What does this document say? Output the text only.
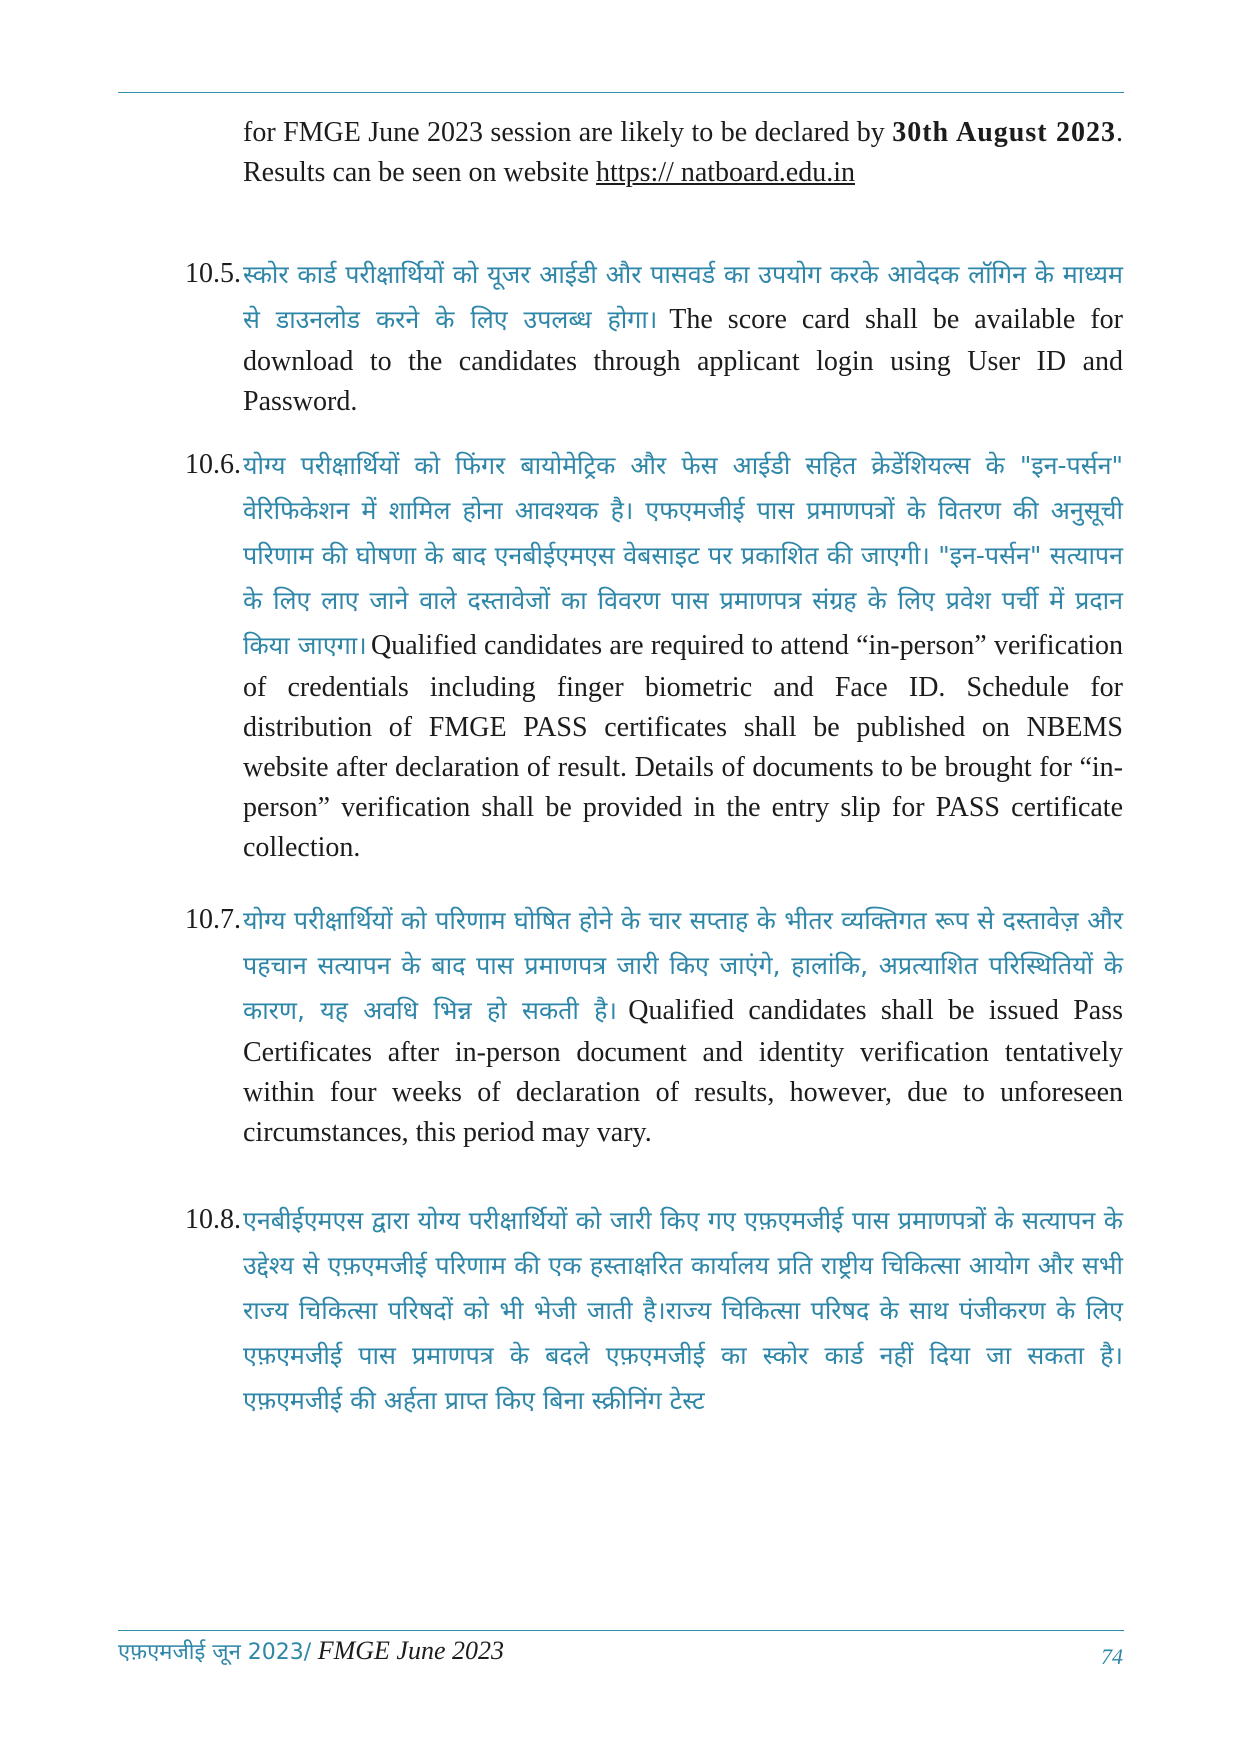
for FMGE June 2023 session are likely to be declared by 30th August 2023. Results can be seen on website https:// natboard.edu.in
10.5. स्कोर कार्ड परीक्षार्थियों को यूजर आईडी और पासवर्ड का उपयोग करके आवेदक लॉगिन के माध्यम से डाउनलोड करने के लिए उपलब्ध होगा। The score card shall be available for download to the candidates through applicant login using User ID and Password.
10.6. योग्य परीक्षार्थियों को फिंगर बायोमेट्रिक और फेस आईडी सहित क्रेडेंशियल्स के "इन-पर्सन" वेरिफिकेशन में शामिल होना आवश्यक है। एफएमजीई पास प्रमाणपत्रों के वितरण की अनुसूची परिणाम की घोषणा के बाद एनबीईएमएस वेबसाइट पर प्रकाशित की जाएगी। "इन-पर्सन" सत्यापन के लिए लाए जाने वाले दस्तावेजों का विवरण पास प्रमाणपत्र संग्रह के लिए प्रवेश पर्ची में प्रदान किया जाएगा। Qualified candidates are required to attend “in-person” verification of credentials including finger biometric and Face ID. Schedule for distribution of FMGE PASS certificates shall be published on NBEMS website after declaration of result. Details of documents to be brought for “in-person” verification shall be provided in the entry slip for PASS certificate collection.
10.7. योग्य परीक्षार्थियों को परिणाम घोषित होने के चार सप्ताह के भीतर व्यक्तिगत रूप से दस्तावेज़ और पहचान सत्यापन के बाद पास प्रमाणपत्र जारी किए जाएंगे, हालांकि, अप्रत्याशित परिस्थितियों के कारण, यह अवधि भिन्न हो सकती है। Qualified candidates shall be issued Pass Certificates after in-person document and identity verification tentatively within four weeks of declaration of results, however, due to unforeseen circumstances, this period may vary.
10.8. एनबीईएमएस द्वारा योग्य परीक्षार्थियों को जारी किए गए एफ़एमजीई पास प्रमाणपत्रों के सत्यापन के उद्देश्य से एफ़एमजीई परिणाम की एक हस्ताक्षरित कार्यालय प्रति राष्ट्रीय चिकित्सा आयोग और सभी राज्य चिकित्सा परिषदों को भी भेजी जाती है।राज्य चिकित्सा परिषद के साथ पंजीकरण के लिए एफ़एमजीई पास प्रमाणपत्र के बदले एफ़एमजीई का स्कोर कार्ड नहीं दिया जा सकता है। एफ़एमजीई की अर्हता प्राप्त किए बिना स्क्रीनिंग टेस्ट
एफ़एमजीई जून 2023/ FMGE June 2023	74
